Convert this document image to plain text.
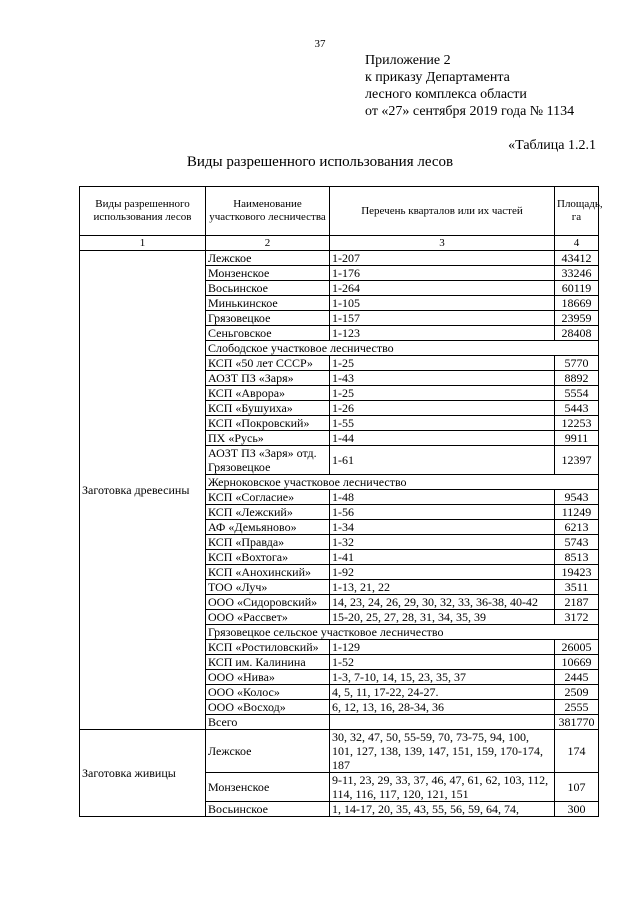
37
Приложение 2
к приказу Департамента
лесного комплекса области
от «27» сентября 2019 года № 1134
«Таблица 1.2.1
Виды разрешенного использования лесов
Виды разрешенного использования лесов	Наименование участкового лесничества	Перечень кварталов или их частей	Площадь, га
1	2	3	4
Заготовка древесины	Лежское	1-207	43412
	Монзенское	1-176	33246
	Восьинское	1-264	60119
	Минькинское	1-105	18669
	Грязовецкое	1-157	23959
	Сеньговское	1-123	28408
	Слободское участковое лесничество		
	КСП «50 лет СССР»	1-25	5770
	АОЗТ ПЗ «Заря»	1-43	8892
	КСП «Аврора»	1-25	5554
	КСП «Бушуиха»	1-26	5443
	КСП «Покровский»	1-55	12253
	ПХ «Русь»	1-44	9911
	АОЗТ ПЗ «Заря» отд. Грязовецкое	1-61	12397
	Жерноковское участковое лесничество		
	КСП «Согласие»	1-48	9543
	КСП «Лежский»	1-56	11249
	АФ «Демьяново»	1-34	6213
	КСП «Правда»	1-32	5743
	КСП «Вохтога»	1-41	8513
	КСП «Анохинский»	1-92	19423
	ТОО «Луч»	1-13, 21, 22	3511
	ООО «Сидоровский»	14, 23, 24, 26, 29, 30, 32, 33, 36-38, 40-42	2187
	ООО «Рассвет»	15-20, 25, 27, 28, 31, 34, 35, 39	3172
	Грязовецкое сельское участковое лесничество		
	КСП «Ростиловский»	1-129	26005
	КСП им. Калинина	1-52	10669
	ООО «Нива»	1-3, 7-10, 14, 15, 23, 35, 37	2445
	ООО «Колос»	4, 5, 11, 17-22, 24-27.	2509
	ООО «Восход»	6, 12, 13, 16, 28-34, 36	2555
	Всего		381770
Заготовка живицы	Лежское	30, 32, 47, 50, 55-59, 70, 73-75, 94, 100, 101, 127, 138, 139, 147, 151, 159, 170-174, 187	174
	Монзенское	9-11, 23, 29, 33, 37, 46, 47, 61, 62, 103, 112, 114, 116, 117, 120, 121, 151	107
	Восьинское	1, 14-17, 20, 35, 43, 55, 56, 59, 64, 74,	300
